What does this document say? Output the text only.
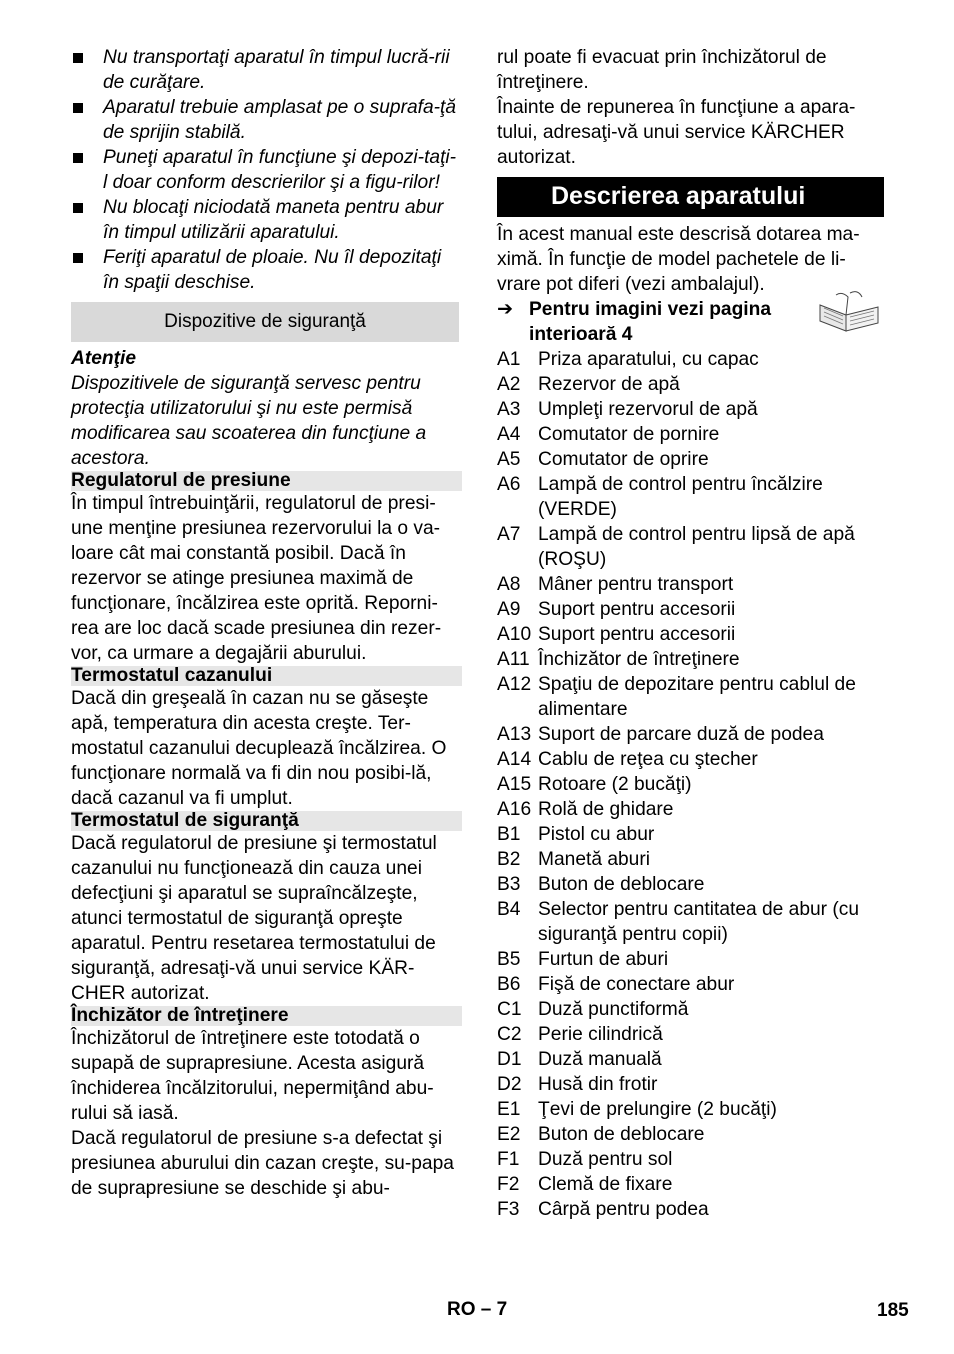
Nu transportaţi aparatul în timpul lucră-rii de curăţare.
Aparatul trebuie amplasat pe o suprafa-ţă de sprijin stabilă.
Puneţi aparatul în funcţiune şi depozi-taţi-l doar conform descrierilor şi a figu-rilor!
Nu blocaţi niciodată maneta pentru abur în timpul utilizării aparatului.
Feriţi aparatul de ploaie. Nu îl depozitaţi în spaţii deschise.
Dispozitive de siguranţă

Atenţie

Dispozitivele de siguranţă servesc pentru protecţia utilizatorului şi nu este permisă modificarea sau scoaterea din funcţiune a acestora.

Regulatorul de presiune

În timpul întrebuinţării, regulatorul de presi-une menţine presiunea rezervorului la o va-loare cât mai constantă posibil. Dacă în rezervor se atinge presiunea maximă de funcţionare, încălzirea este oprită. Reporni-rea are loc dacă scade presiunea din rezer-vor, ca urmare a degajării aburului.

Termostatul cazanului

Dacă din greşeală în cazan nu se găseşte apă, temperatura din acesta creşte. Ter-mostatul cazanului decuplează încălzirea. O funcţionare normală va fi din nou posibi-lă, dacă cazanul va fi umplut.

Termostatul de siguranţă

Dacă regulatorul de presiune şi termostatul cazanului nu funcţionează din cauza unei defecţiuni şi aparatul se supraîncălzeşte, atunci termostatul de siguranţă opreşte aparatul. Pentru resetarea termostatului de siguranţă, adresaţi-vă unui service KÄR-CHER autorizat.

Închizător de întreţinere

Închizătorul de întreţinere este totodată o supapă de suprapresiune. Acesta asigură închiderea încălzitorului, nepermiţând abu-rului să iasă.

Dacă regulatorul de presiune s-a defectat şi presiunea aburului din cazan creşte, su-papa de suprapresiune se deschide şi abu-

rul poate fi evacuat prin închizătorul de întreţinere.

Înainte de repunerea în funcţiune a apara-tului, adresaţi-vă unui service KÄRCHER autorizat.

Descrierea aparatului

În acest manual este descrisă dotarea ma-ximă. În funcţie de model pachetele de li-vrare pot diferi (vezi ambalajul).

➔ Pentru imagini vezi pagina interioară 4
A1 Priza aparatului, cu capac
A2 Rezervor de apă
A3 Umpleţi rezervorul de apă
A4 Comutator de pornire
A5 Comutator de oprire
A6 Lampă de control pentru încălzire (VERDE)
A7 Lampă de control pentru lipsă de apă (ROŞU)
A8 Mâner pentru transport
A9 Suport pentru accesorii
A10 Suport pentru accesorii
A11 Închizător de întreţinere
A12 Spaţiu de depozitare pentru cablul de alimentare
A13 Suport de parcare duză de podea
A14 Cablu de reţea cu ştecher
A15 Rotoare (2 bucăţi)
A16 Rolă de ghidare
B1 Pistol cu abur
B2 Manetă aburi
B3 Buton de deblocare
B4 Selector pentru cantitatea de abur (cu siguranţă pentru copii)
B5 Furtun de aburi
B6 Fişă de conectare abur
C1 Duză punctiformă
C2 Perie cilindrică
D1 Duză manuală
D2 Husă din frotir
E1 Ţevi de prelungire (2 bucăţi)
E2 Buton de deblocare
F1 Duză pentru sol
F2 Clemă de fixare
F3 Cârpă pentru podea
RO – 7	185
